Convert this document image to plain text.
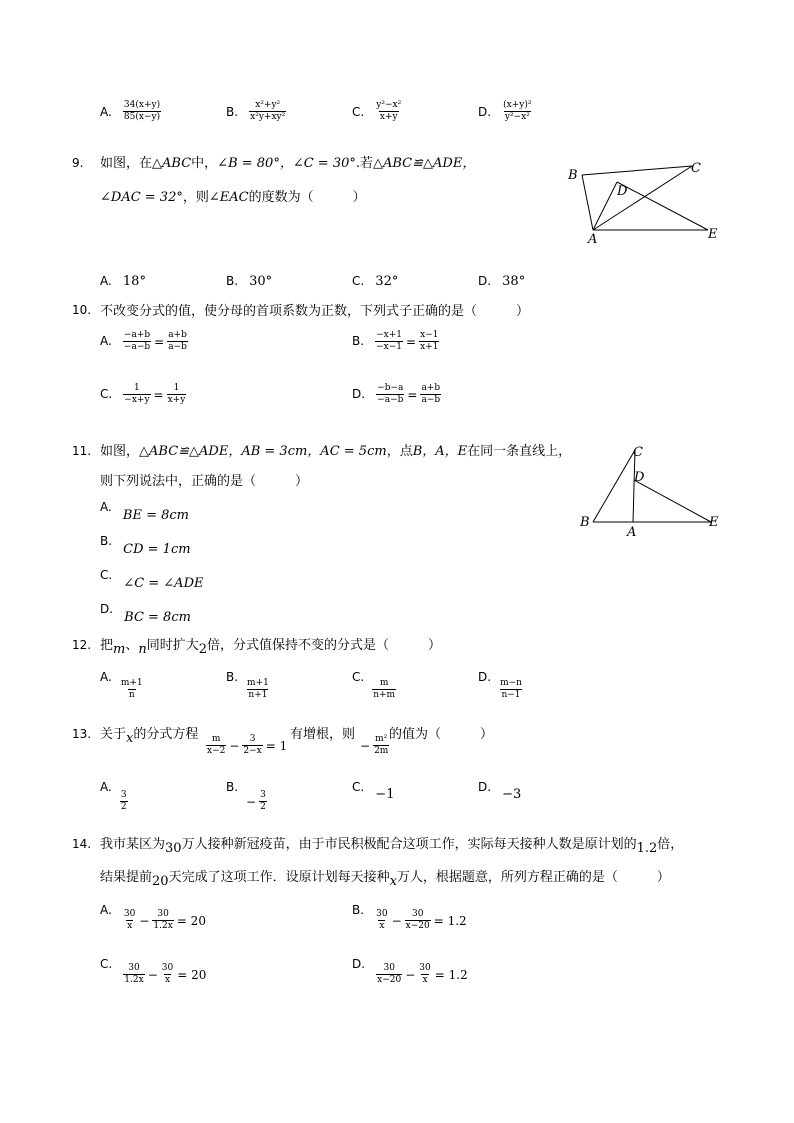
A. $\frac{34(x+y)}{85(x-y)}$	B. $\frac{\text{x²+y²}}{\text{x²y+xy²}}$	C. $\frac{\text{y²−x²}}{x+y}$	D. $\frac{\text{(x+y)²}}{\text{y²−x²}}$
9. 如图，在△ABC中，∠B = 80°，∠C = 30°.若△ABC≌△ADE，
∠DAC = 32°，则∠EAC的度数为（　　　）
B	C
D
A	E
A. 18°	B. 30°	C. 32°	D. 38°
10. 不改变分式的值，使分母的首项系数为正数，下列式子正确的是（　　　）
A. $\frac{-a+b}{-a-b} = \frac{a+b}{a-b}$	B. $\frac{-x+1}{-x-1} = \frac{x-1}{x+1}$
C. $\frac{1}{-x+y} = \frac{1}{x+y}$	D. $\frac{-b-a}{-a-b} = \frac{a+b}{a-b}$
11. 如图，△ABC≌△ADE，AB = 3cm，AC = 5cm，点B，A，E在同一条直线上，
则下列说法中，正确的是（　　　）
C
D
B
A
E
$^{A.}$ $_{BE = 8cm}$
$^{B.}$ $_{CD = 1cm}$
$^{C.}$ $_{\angle C = \angle ADE}$
$^{D.}$ $_{BC = 8cm}$
12. 把$_m$、$_n$同时扩大$_2$倍，分式值保持不变的分式是（　　　）
$^{A.}$
$\frac{m+1}{n}$
$^{B.}$
$\frac{m+1}{n+1}$
$^{C.}$
$\frac{m}{n+m}$
$^{D.}$
$\frac{m-n}{n-1}$
13. 关于$_x$的分式方程 $\frac{m}{x-2} - \frac{3}{2-x} = 1$
有增根，则
− $\frac{\text{m²}}{2m}$ 的值为（　　　）
$^{A.}$
$\frac{3}{2}$
$^{B.}$
− $\frac{3}{2}$
$^{C.}$ −1	$^{D.}$ −3
14. 我市某区为$_{30}$万人接种新冠疫苗，由于市民积极配合这项工作，实际每天接种人数是原计划的$_{1.2}$倍，
结果提前$_{20}$天完成了这项工作．设原计划每天接种$_x$万人，根据题意，所列方程正确的是（　　　）
$^{A.} \frac{30}{x} - \frac{30}{1.2x} = 20$
$^{B.} \frac{30}{x} - \frac{30}{x-20} = 1.2$
$^{C.} \frac{30}{1.2x} - \frac{30}{x} = 20$
$^{D.} \frac{30}{x-20} - \frac{30}{x} = 1.2$
